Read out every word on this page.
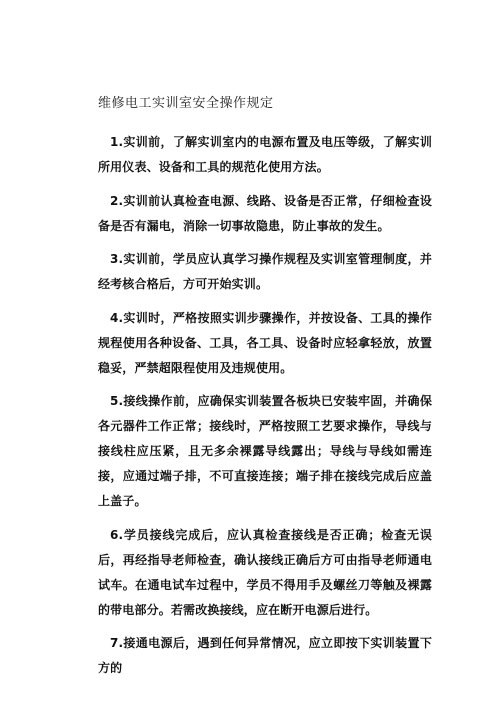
维修电工实训室安全操作规定

1.实训前，了解实训室内的电源布置及电压等级，了解实训所用仪表、设备和工具的规范化使用方法。

2.实训前认真检查电源、线路、设备是否正常，仔细检查设备是否有漏电，消除一切事故隐患，防止事故的发生。

3.实训前，学员应认真学习操作规程及实训室管理制度，并经考核合格后，方可开始实训。

4.实训时，严格按照实训步骤操作，并按设备、工具的操作规程使用各种设备、工具，各工具、设备时应轻拿轻放，放置稳妥，严禁超限程使用及违规使用。

5.接线操作前，应确保实训装置各板块已安装牢固，并确保各元器件工作正常；接线时，严格按照工艺要求操作，导线与接线柱应压紧，且无多余裸露导线露出；导线与导线如需连接，应通过端子排，不可直接连接；端子排在接线完成后应盖上盖子。

6.学员接线完成后，应认真检查接线是否正确；检查无误后，再经指导老师检查，确认接线正确后方可由指导老师通电试车。在通电试车过程中，学员不得用手及螺丝刀等触及裸露的带电部分。若需改换接线，应在断开电源后进行。

7.接通电源后，遇到任何异常情况，应立即按下实训装置下方的
